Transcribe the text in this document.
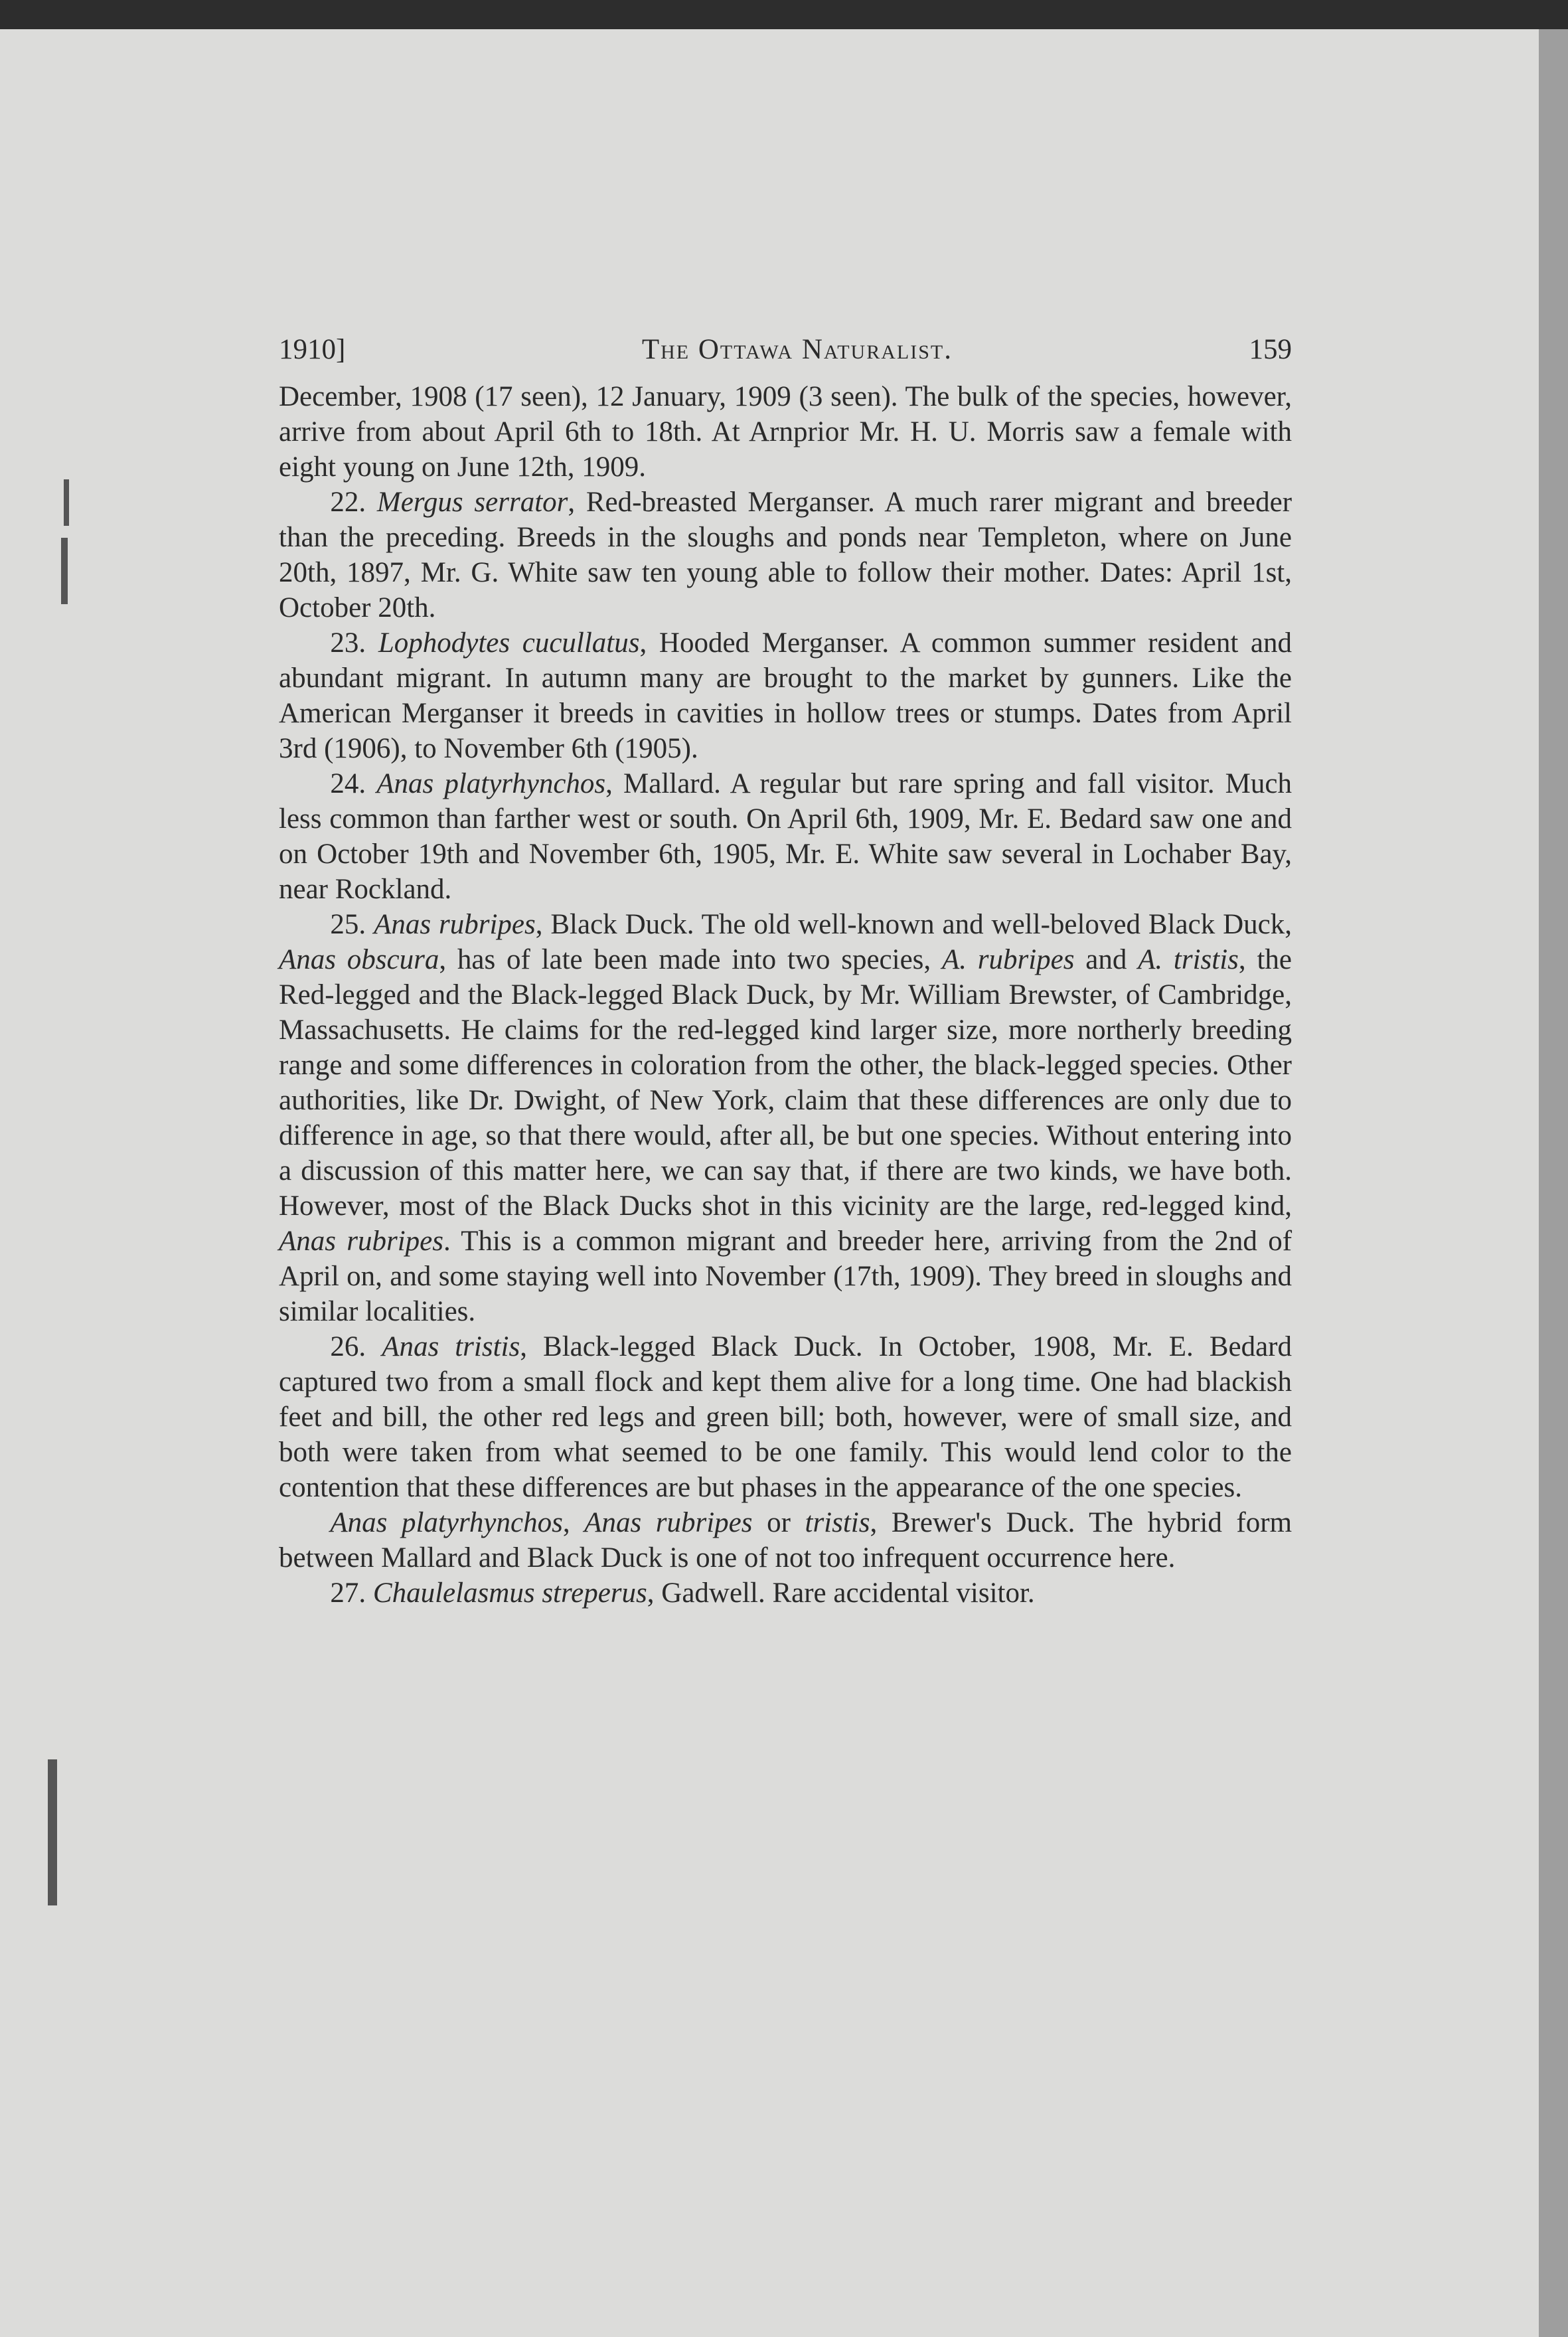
1910]	The Ottawa Naturalist.	159

December, 1908 (17 seen), 12 January, 1909 (3 seen). The bulk of the species, however, arrive from about April 6th to 18th. At Arnprior Mr. H. U. Morris saw a female with eight young on June 12th, 1909.

22. Mergus serrator, Red-breasted Merganser. A much rarer migrant and breeder than the preceding. Breeds in the sloughs and ponds near Templeton, where on June 20th, 1897, Mr. G. White saw ten young able to follow their mother. Dates: April 1st, October 20th.

23. Lophodytes cucullatus, Hooded Merganser. A common summer resident and abundant migrant. In autumn many are brought to the market by gunners. Like the American Merganser it breeds in cavities in hollow trees or stumps. Dates from April 3rd (1906), to November 6th (1905).

24. Anas platyrhynchos, Mallard. A regular but rare spring and fall visitor. Much less common than farther west or south. On April 6th, 1909, Mr. E. Bedard saw one and on October 19th and November 6th, 1905, Mr. E. White saw several in Lochaber Bay, near Rockland.

25. Anas rubripes, Black Duck. The old well-known and well-beloved Black Duck, Anas obscura, has of late been made into two species, A. rubripes and A. tristis, the Red-legged and the Black-legged Black Duck, by Mr. William Brewster, of Cambridge, Massachusetts. He claims for the red-legged kind larger size, more northerly breeding range and some differences in coloration from the other, the black-legged species. Other authorities, like Dr. Dwight, of New York, claim that these differences are only due to difference in age, so that there would, after all, be but one species. Without entering into a discussion of this matter here, we can say that, if there are two kinds, we have both. However, most of the Black Ducks shot in this vicinity are the large, red-legged kind, Anas rubripes. This is a common migrant and breeder here, arriving from the 2nd of April on, and some staying well into November (17th, 1909). They breed in sloughs and similar localities.

26. Anas tristis, Black-legged Black Duck. In October, 1908, Mr. E. Bedard captured two from a small flock and kept them alive for a long time. One had blackish feet and bill, the other red legs and green bill; both, however, were of small size, and both were taken from what seemed to be one family. This would lend color to the contention that these differences are but phases in the appearance of the one species.

Anas platyrhynchos, Anas rubripes or tristis, Brewer's Duck. The hybrid form between Mallard and Black Duck is one of not too infrequent occurrence here.

27. Chaulelasmus streperus, Gadwell. Rare accidental visitor.
